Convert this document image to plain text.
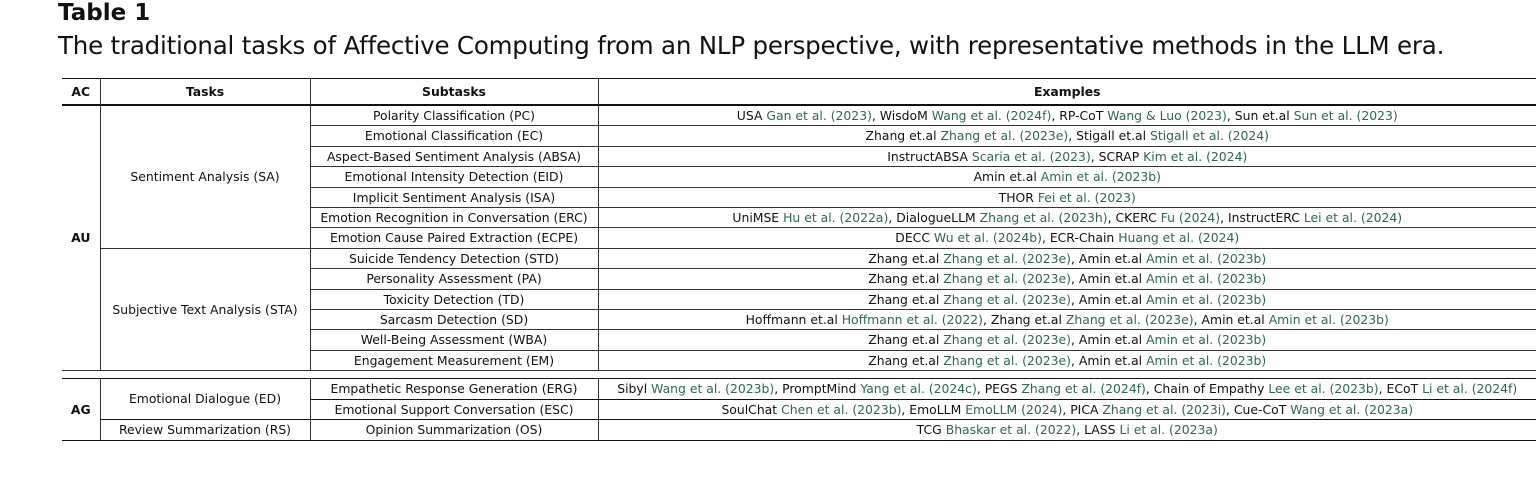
Table 1
The traditional tasks of Affective Computing from an NLP perspective, with representative methods in the LLM era.
AC	Tasks	Subtasks	Examples
AU	Sentiment Analysis (SA)	Polarity Classification (PC)	USA Gan et al. (2023), WisdoM Wang et al. (2024f), RP-CoT Wang & Luo (2023), Sun et.al Sun et al. (2023)
		Emotional Classification (EC)	Zhang et.al Zhang et al. (2023e), Stigall et.al Stigall et al. (2024)
		Aspect-Based Sentiment Analysis (ABSA)	InstructABSA Scaria et al. (2023), SCRAP Kim et al. (2024)
		Emotional Intensity Detection (EID)	Amin et.al Amin et al. (2023b)
		Implicit Sentiment Analysis (ISA)	THOR Fei et al. (2023)
		Emotion Recognition in Conversation (ERC)	UniMSE Hu et al. (2022a), DialogueLLM Zhang et al. (2023h), CKERC Fu (2024), InstructERC Lei et al. (2024)
		Emotion Cause Paired Extraction (ECPE)	DECC Wu et al. (2024b), ECR-Chain Huang et al. (2024)
	Subjective Text Analysis (STA)	Suicide Tendency Detection (STD)	Zhang et.al Zhang et al. (2023e), Amin et.al Amin et al. (2023b)
		Personality Assessment (PA)	Zhang et.al Zhang et al. (2023e), Amin et.al Amin et al. (2023b)
		Toxicity Detection (TD)	Zhang et.al Zhang et al. (2023e), Amin et.al Amin et al. (2023b)
		Sarcasm Detection (SD)	Hoffmann et.al Hoffmann et al. (2022), Zhang et.al Zhang et al. (2023e), Amin et.al Amin et al. (2023b)
		Well-Being Assessment (WBA)	Zhang et.al Zhang et al. (2023e), Amin et.al Amin et al. (2023b)
		Engagement Measurement (EM)	Zhang et.al Zhang et al. (2023e), Amin et.al Amin et al. (2023b)

AG	Emotional Dialogue (ED)	Empathetic Response Generation (ERG)	Sibyl Wang et al. (2023b), PromptMind Yang et al. (2024c), PEGS Zhang et al. (2024f), Chain of Empathy Lee et al. (2023b), ECoT Li et al. (2024f)
		Emotional Support Conversation (ESC)	SoulChat Chen et al. (2023b), EmoLLM EmoLLM (2024), PICA Zhang et al. (2023i), Cue-CoT Wang et al. (2023a)
	Review Summarization (RS)	Opinion Summarization (OS)	TCG Bhaskar et al. (2022), LASS Li et al. (2023a)
